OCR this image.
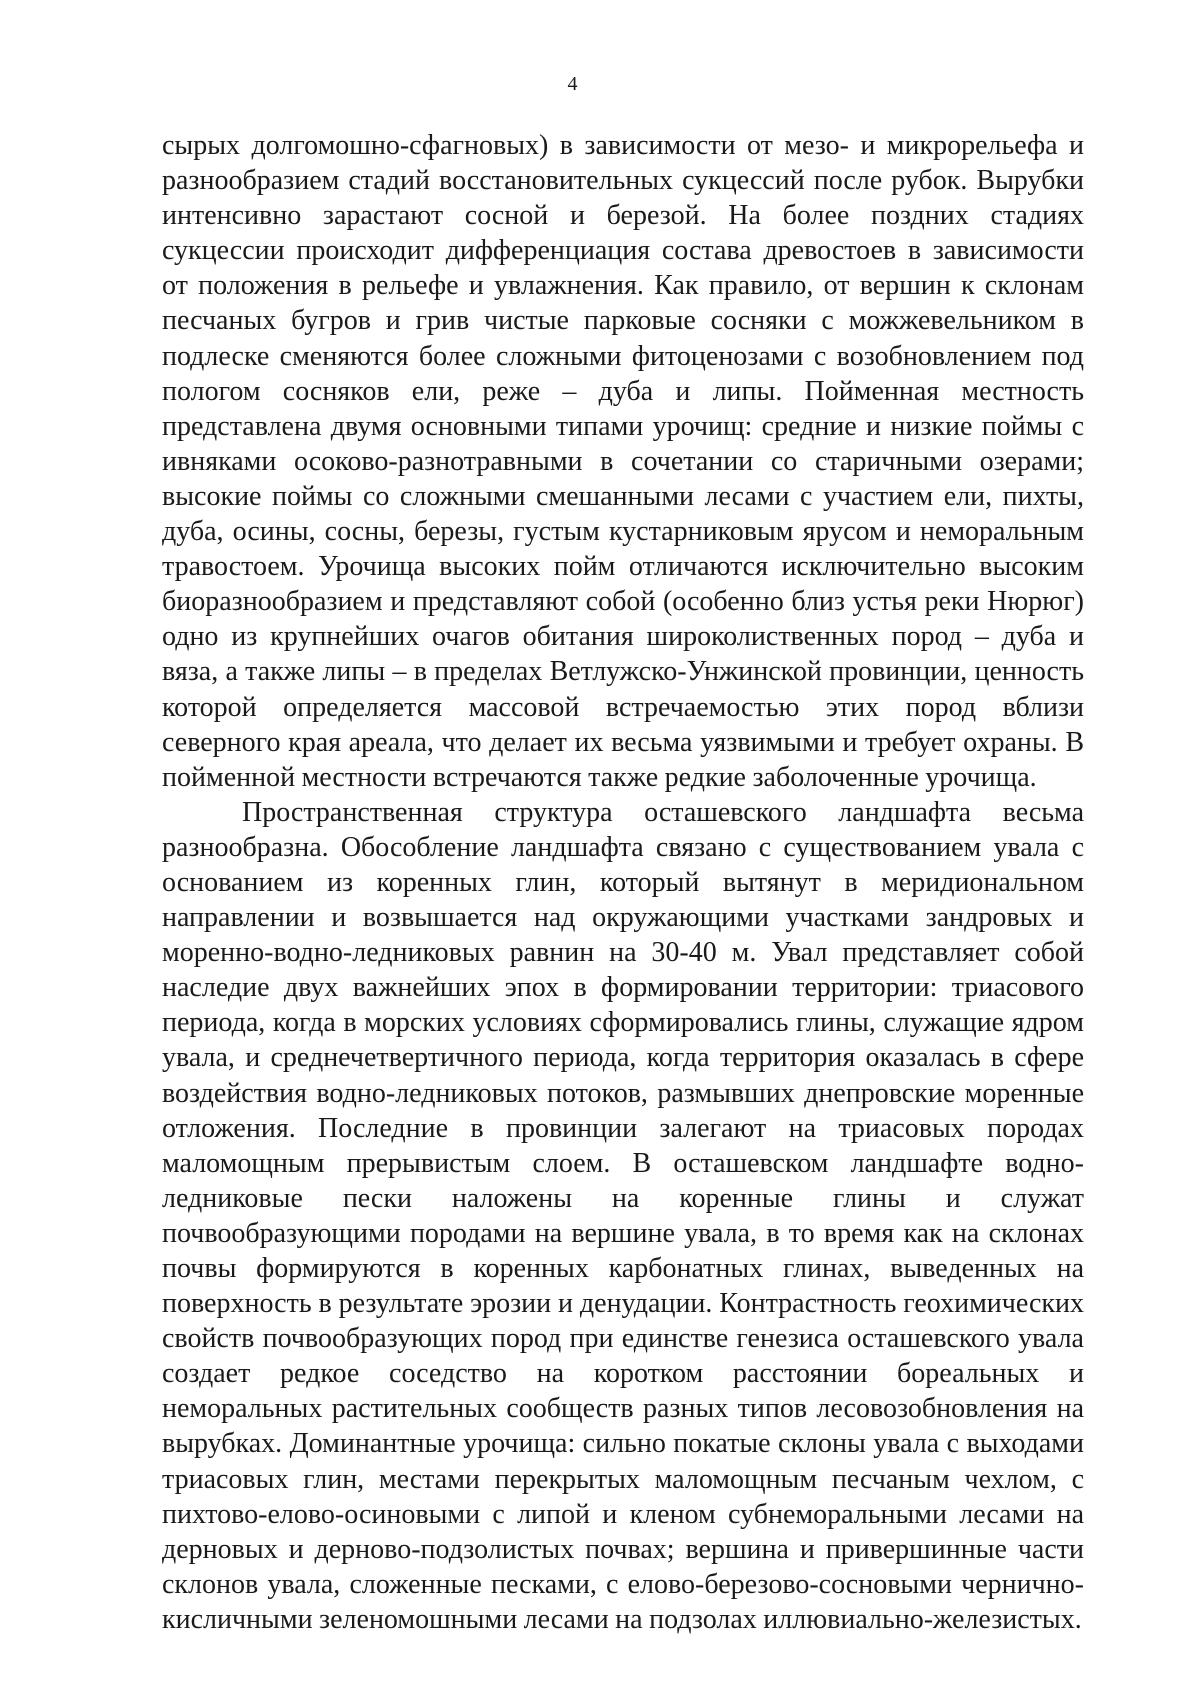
4

сырых долгомошно-сфагновых) в зависимости от мезо- и микрорельефа и разнообразием стадий восстановительных сукцессий после рубок. Вырубки интенсивно зарастают сосной и березой. На более поздних стадиях сукцессии происходит дифференциация состава древостоев в зависимости от положения в рельефе и увлажнения. Как правило, от вершин к склонам песчаных бугров и грив чистые парковые сосняки с можжевельником в подлеске сменяются более сложными фитоценозами с возобновлением под пологом сосняков ели, реже – дуба и липы. Пойменная местность представлена двумя основными типами урочищ: средние и низкие поймы с ивняками осоково-разнотравными в сочетании со старичными озерами; высокие поймы со сложными смешанными лесами с участием ели, пихты, дуба, осины, сосны, березы, густым кустарниковым ярусом и неморальным травостоем. Урочища высоких пойм отличаются исключительно высоким биоразнообразием и представляют собой (особенно близ устья реки Нюрюг) одно из крупнейших очагов обитания широколиственных пород – дуба и вяза, а также липы – в пределах Ветлужско-Унжинской провинции, ценность которой определяется массовой встречаемостью этих пород вблизи северного края ареала, что делает их весьма уязвимыми и требует охраны. В пойменной местности встречаются также редкие заболоченные урочища.

Пространственная структура осташевского ландшафта весьма разнообразна. Обособление ландшафта связано с существованием увала с основанием из коренных глин, который вытянут в меридиональном направлении и возвышается над окружающими участками зандровых и моренно-водно-ледниковых равнин на 30-40 м. Увал представляет собой наследие двух важнейших эпох в формировании территории: триасового периода, когда в морских условиях сформировались глины, служащие ядром увала, и среднечетвертичного периода, когда территория оказалась в сфере воздействия водно-ледниковых потоков, размывших днепровские моренные отложения. Последние в провинции залегают на триасовых породах маломощным прерывистым слоем. В осташевском ландшафте водно-ледниковые пески наложены на коренные глины и служат почвообразующими породами на вершине увала, в то время как на склонах почвы формируются в коренных карбонатных глинах, выведенных на поверхность в результате эрозии и денудации. Контрастность геохимических свойств почвообразующих пород при единстве генезиса осташевского увала создает редкое соседство на коротком расстоянии бореальных и неморальных растительных сообществ разных типов лесовозобновления на вырубках. Доминантные урочища: сильно покатые склоны увала с выходами триасовых глин, местами перекрытых маломощным песчаным чехлом, с пихтово-елово-осиновыми с липой и кленом субнеморальными лесами на дерновых и дерново-подзолистых почвах; вершина и привершинные части склонов увала, сложенные песками, с елово-березово-сосновыми чернично-кисличными зеленомошными лесами на подзолах иллювиально-железистых.
